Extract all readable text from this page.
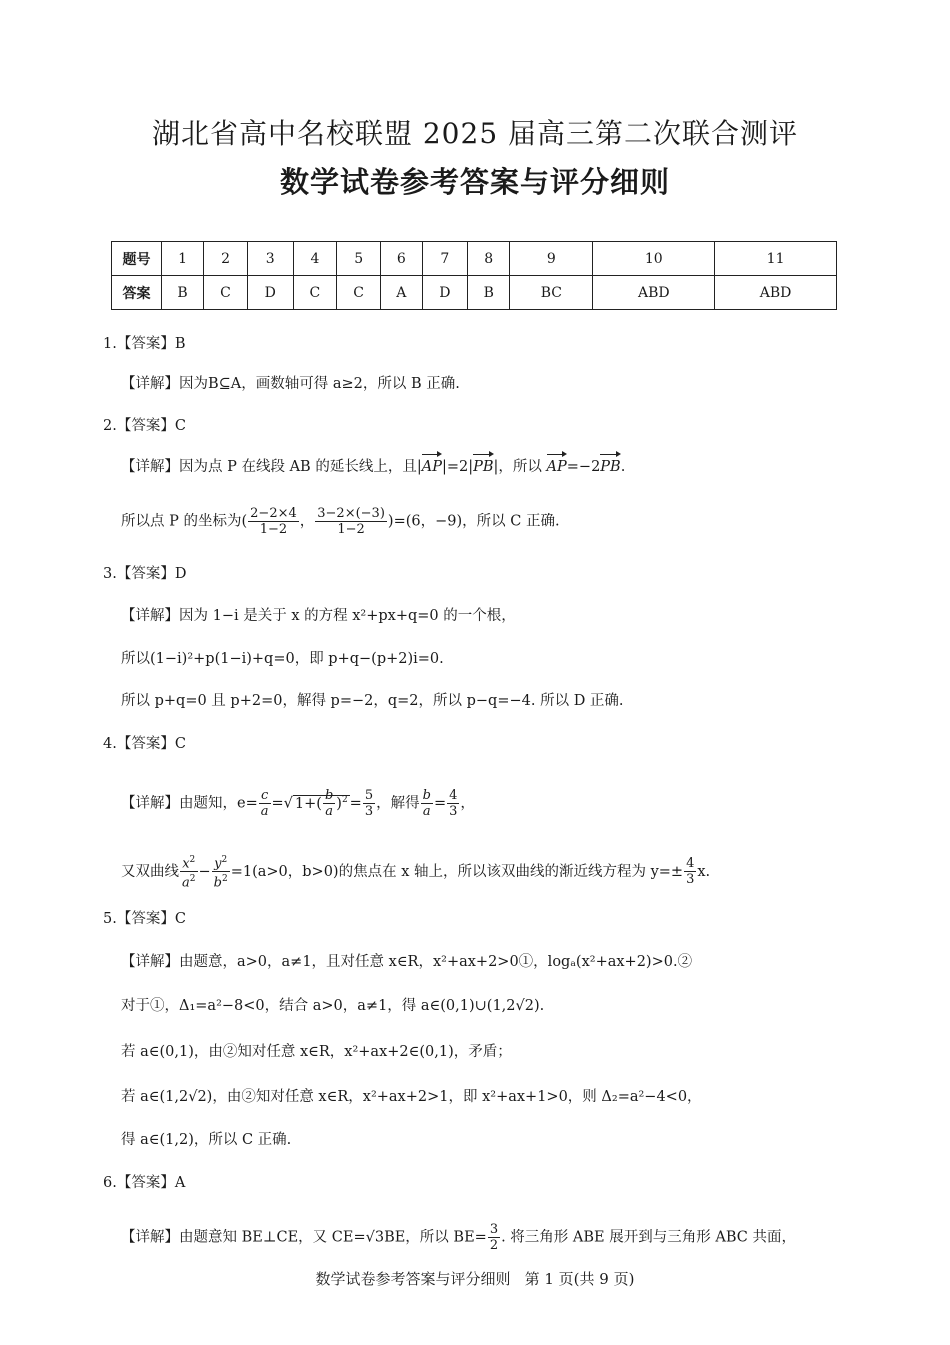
湖北省高中名校联盟 2025 届高三第二次联合测评
数学试卷参考答案与评分细则
题号	1	2	3	4	5	6	7	8	9	10	11
答案	B	C	D	C	C	A	D	B	BC	ABD	ABD
1.【答案】B
【详解】因为B⊆A，画数轴可得 a≥2，所以 B 正确.
2.【答案】C
【详解】因为点 P 在线段 AB 的延长线上，且|AP|=2|PB|，所以 AP=−2PB.
所以点 P 的坐标为( $\frac{2-2\times 4}{1-2}$ ， $\frac{3-2\times(-3)}{1-2} )=(6$，−9)，所以 C 正确.
3.【答案】D
【详解】因为 1−i 是关于 x 的方程 x²+px+q=0 的一个根，
所以(1−i)²+p(1−i)+q=0，即 p+q−(p+2)i=0.
所以 p+q=0 且 p+2=0，解得 p=−2，q=2，所以 p−q=−4. 所以 D 正确.
4.【答案】C
【详解】由题知，$e= \frac{c}{a}$ =√ $1+( \frac{b}{a} )^2 = \frac{5}{3}$ ，解得 $\frac{b}{a} = \frac{4}{3}$ ，
又双曲线 $\frac{x^2}{a^2} - \frac{y^2}{b^2} =1(a>0$，b>0)的焦点在 x 轴上，所以该双曲线的渐近线方程为 $y=\pm \frac{4}{3} x$.
5.【答案】C
【详解】由题意，a>0，a≠1，且对任意 x∈R，x²+ax+2>0①，logₐ(x²+ax+2)>0.②
对于①，Δ₁=a²−8<0，结合 a>0，a≠1，得 a∈(0,1)∪(1,2√2).
若 a∈(0,1)，由②知对任意 x∈R，x²+ax+2∈(0,1)，矛盾；
若 a∈(1,2√2)，由②知对任意 x∈R，x²+ax+2>1，即 x²+ax+1>0，则 Δ₂=a²−4<0，
得 a∈(1,2)，所以 C 正确.
6.【答案】A
【详解】由题意知 BE⊥CE，又 CE=√3BE，所以 $BE= \frac{3}{2}$ . 将三角形 ABE 展开到与三角形 ABC 共面，
数学试卷参考答案与评分细则 第 1 页(共 9 页)
